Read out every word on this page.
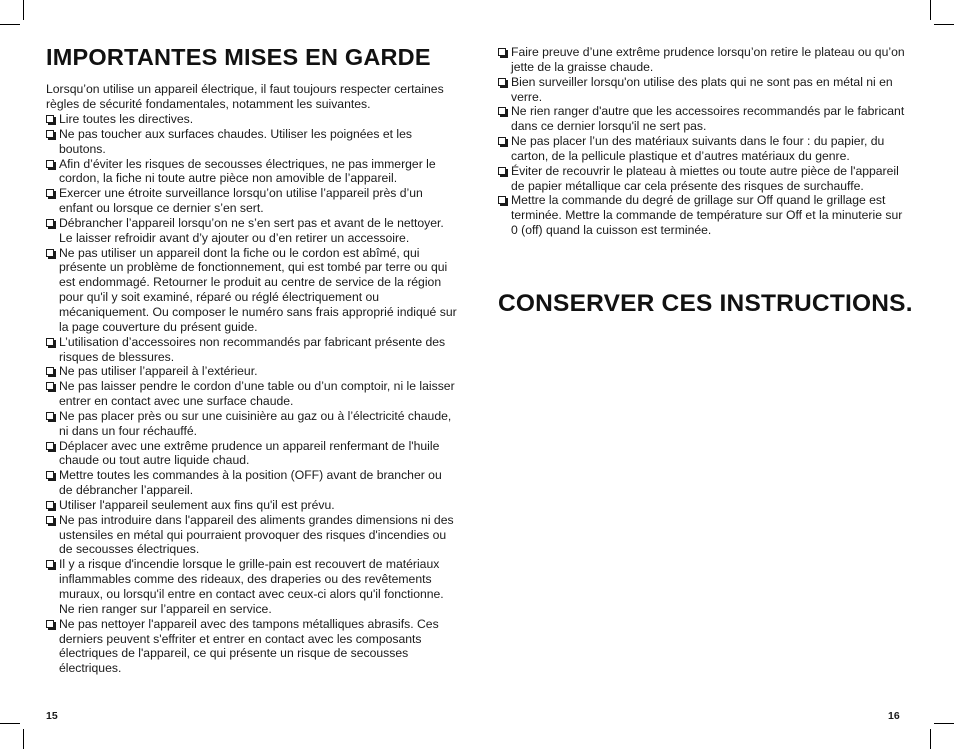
IMPORTANTES MISES EN GARDE

Lorsqu’on utilise un appareil électrique, il faut toujours respecter certaines règles de sécurité fondamentales, notamment les suivantes.

Lire toutes les directives.
Ne pas toucher aux surfaces chaudes. Utiliser les poignées et les boutons.
Afin d’éviter les risques de secousses électriques, ne pas immerger le cordon, la fiche ni toute autre pièce non amovible de l’appareil.
Exercer une étroite surveillance lorsqu’on utilise l’appareil près d’un enfant ou lorsque ce dernier s’en sert.
Débrancher l’appareil lorsqu’on ne s’en sert pas et avant de le nettoyer. Le laisser refroidir avant d’y ajouter ou d’en retirer un accessoire.
Ne pas utiliser un appareil dont la fiche ou le cordon est abîmé, qui présente un problème de fonctionnement, qui est tombé par terre ou qui est endommagé. Retourner le produit au centre de service de la région pour qu'il y soit examiné, réparé ou réglé électriquement ou mécaniquement. Ou composer le numéro sans frais approprié indiqué sur la page couverture du présent guide.
L’utilisation d’accessoires non recommandés par fabricant présente des risques de blessures.
Ne pas utiliser l’appareil à l’extérieur.
Ne pas laisser pendre le cordon d’une table ou d’un comptoir, ni le laisser entrer en contact avec une surface chaude.
Ne pas placer près ou sur une cuisinière au gaz ou à l’électricité chaude, ni dans un four réchauffé.
Déplacer avec une extrême prudence un appareil renfermant de l'huile chaude ou tout autre liquide chaud.
Mettre toutes les commandes à la position (OFF) avant de brancher ou de débrancher l’appareil.
Utiliser l'appareil seulement aux fins qu'il est prévu.
Ne pas introduire dans l'appareil des aliments grandes dimensions ni des ustensiles en métal qui pourraient provoquer des risques d'incendies ou de secousses électriques.
Il y a risque d'incendie lorsque le grille-pain est recouvert de matériaux inflammables comme des rideaux, des draperies ou des revêtements muraux, ou lorsqu'il entre en contact avec ceux-ci alors qu'il fonctionne. Ne rien ranger sur l’appareil en service.
Ne pas nettoyer l'appareil avec des tampons métalliques abrasifs. Ces derniers peuvent s'effriter et entrer en contact avec les composants électriques de l'appareil, ce qui présente un risque de secousses électriques.
Faire preuve d’une extrême prudence lorsqu’on retire le plateau ou qu’on jette de la graisse chaude.
Bien surveiller lorsqu'on utilise des plats qui ne sont pas en métal ni en verre.
Ne rien ranger d'autre que les accessoires recommandés par le fabricant dans ce dernier lorsqu'il ne sert pas.
Ne pas placer l’un des matériaux suivants dans le four : du papier, du carton, de la pellicule plastique et d’autres matériaux du genre.
Éviter de recouvrir le plateau à miettes ou toute autre pièce de l'appareil de papier métallique car cela présente des risques de surchauffe.
Mettre la commande du degré de grillage sur Off quand le grillage est terminée. Mettre la commande de température sur Off et la minuterie sur 0 (off) quand la cuisson est terminée.
CONSERVER CES INSTRUCTIONS.
15	16
